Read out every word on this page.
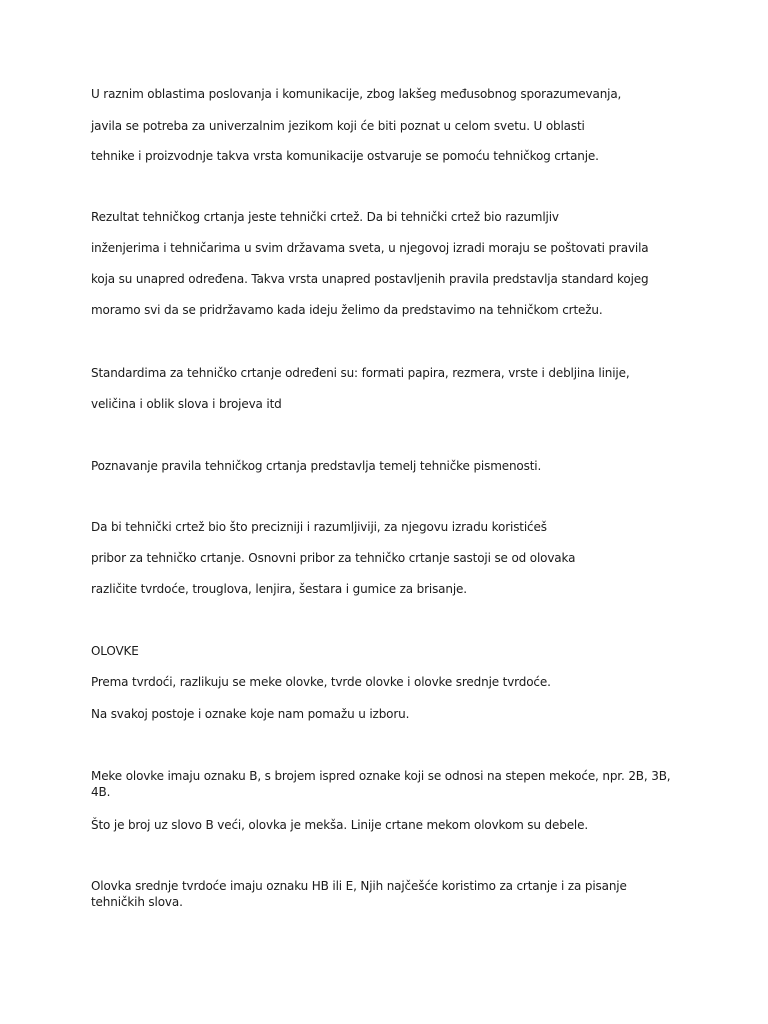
U raznim oblastima poslovanja i komunikacije, zbog lakšeg međusobnog sporazumevanja,

javila se potreba za univerzalnim jezikom koji će biti poznat u celom svetu. U oblasti

tehnike i proizvodnje takva vrsta komunikacije ostvaruje se pomoću tehničkog crtanje.

Rezultat tehničkog crtanja jeste tehnički crtež. Da bi tehnički crtež bio razumljiv

inženjerima i tehničarima u svim državama sveta, u njegovoj izradi moraju se poštovati pravila

koja su unapred određena. Takva vrsta unapred postavljenih pravila predstavlja standard kojeg

moramo svi da se pridržavamo kada ideju želimo da predstavimo na tehničkom crtežu.

Standardima za tehničko crtanje određeni su: formati papira, rezmera, vrste i debljina linije,

veličina i oblik slova i brojeva itd

Poznavanje pravila tehničkog crtanja predstavlja temelj tehničke pismenosti.

Da bi tehnički crtež bio što precizniji i razumljiviji, za njegovu izradu koristićeš

pribor za tehničko crtanje. Osnovni pribor za tehničko crtanje sastoji se od olovaka

različite tvrdoće, trouglova, lenjira, šestara i gumice za brisanje.

OLOVKE

Prema tvrdoći, razlikuju se meke olovke, tvrde olovke i olovke srednje tvrdoće.

Na svakoj postoje i oznake koje nam pomažu u izboru.

Meke olovke imaju oznaku B, s brojem ispred oznake koji se odnosi na stepen mekoće, npr. 2B, 3B, 4B.

Što je broj uz slovo B veći, olovka je mekša. Linije crtane mekom olovkom su debele.

Olovka srednje tvrdoće imaju oznaku HB ili E, Njih najčešće koristimo za crtanje i za pisanje tehničkih slova.
